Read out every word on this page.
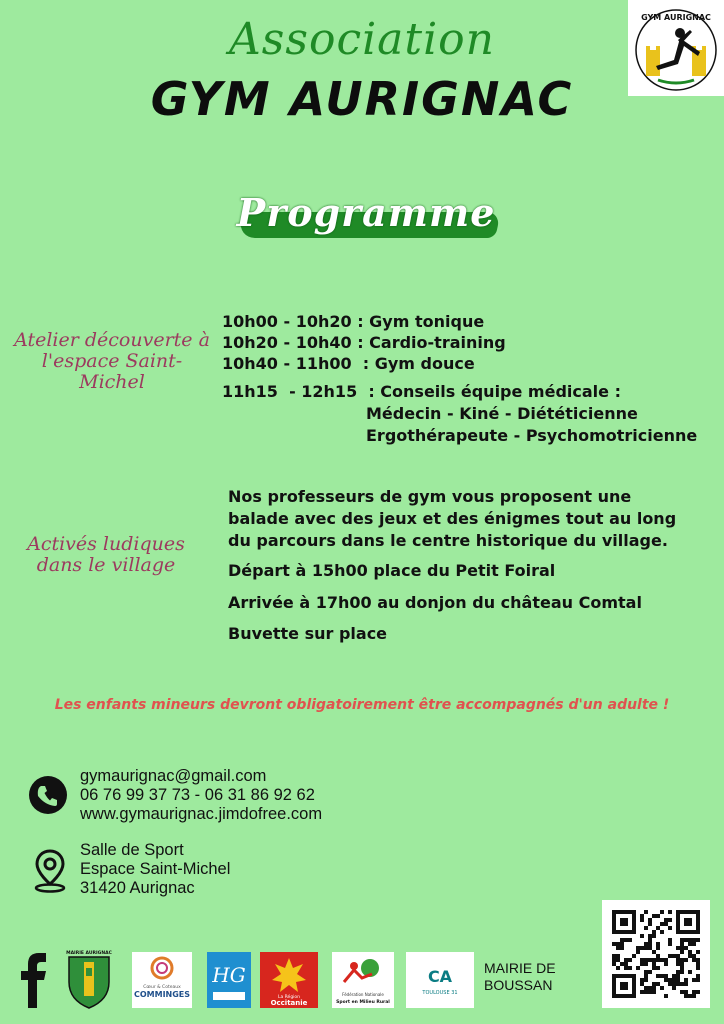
Association
GYM AURIGNAC
GYM AURIGNAC
Programme
Atelier découverte à
l'espace Saint-
Michel
10h00 - 10h20 : Gym tonique
10h20 - 10h40 : Cardio-training
10h40 - 11h00  : Gym douce
11h15  - 12h15  : Conseils équipe médicale :
Médecin - Kiné - Diététicienne
Ergothérapeute - Psychomotricienne
Activés ludiques
dans le village
Nos professeurs de gym vous proposent une
balade avec des jeux et des énigmes tout au long
du parcours dans le centre historique du village.
Départ à 15h00 place du Petit Foiral
Arrivée à 17h00 au donjon du château Comtal
Buvette sur place
Les enfants mineurs devront obligatoirement être accompagnés d'un adulte !
gymaurignac@gmail.com
06 76 99 37 73 - 06 31 86 92 62
www.gymaurignac.jimdofree.com
Salle de Sport
Espace Saint-Michel
31420 Aurignac
MAIRIE AURIGNAC
Cœur & Coteaux
COMMINGES
HG
La Région
Occitanie
Fédération Nationale
Sport en Milieu Rural
CA
TOULOUSE 31
MAIRIE DE BOUSSAN
